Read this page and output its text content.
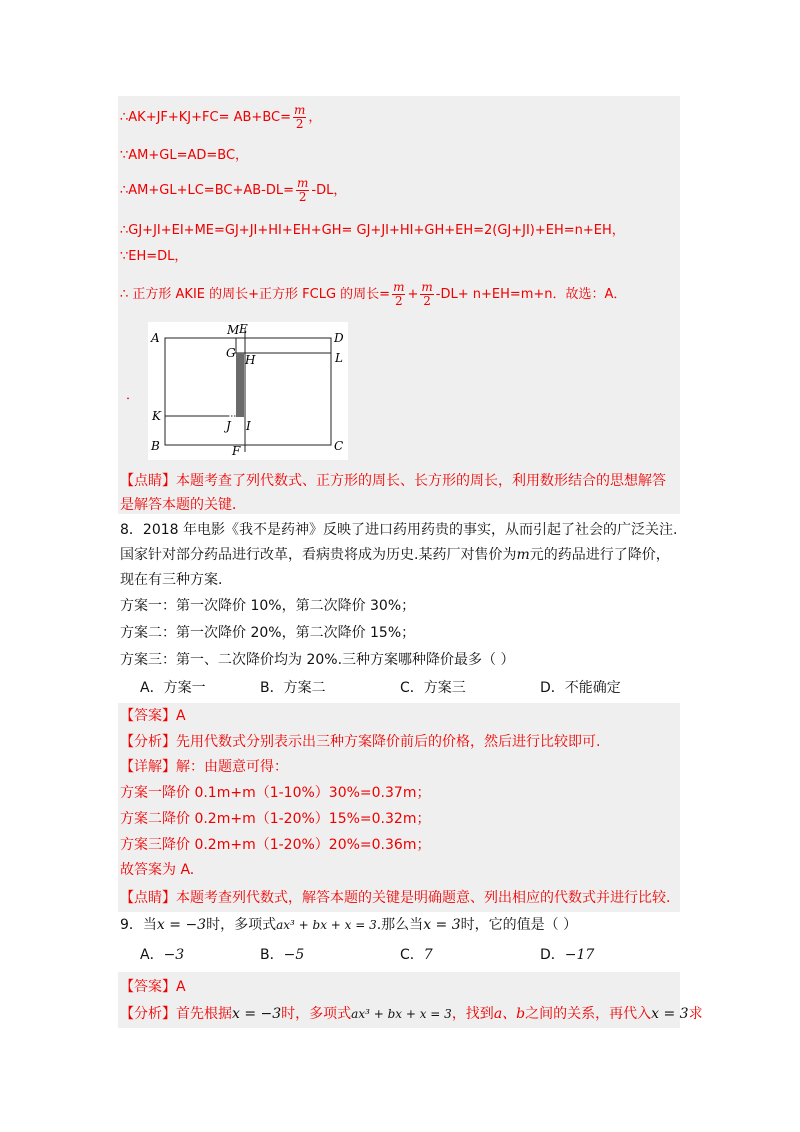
∴AK+JF+KJ+FC= $AB+BC= \frac{m}{2}$ ，
∵AM+GL=AD=BC，
∴AM+GL+LC=BC+AB-DL= $\frac{m}{2} -DL$，
∴GJ+JI+EI+ME=GJ+JI+HI+EH+GH= GJ+JI+HI+GH+EH=2(GJ+JI)+EH=n+EH，
∵EH=DL，
∴ 正方形 AKIE 的周长+正方形 FCLG 的周长= $\frac{m}{2} + \frac{m}{2} -DL+ n+EH=m+n$．故选：A．
A
M E
D
G H	L
K
J I
B	F	C
．
【点睛】本题考查了列代数式、正方形的周长、长方形的周长，利用数形结合的思想解答
是解答本题的关键．
8．2018 年电影《我不是药神》反映了进口药用药贵的事实，从而引起了社会的广泛关注.
国家针对部分药品进行改革，看病贵将成为历史.某药厂对售价为m元的药品进行了降价，
现在有三种方案.
方案一：第一次降价 10%，第二次降价 30%；
方案二：第一次降价 20%，第二次降价 15%；
方案三：第一、二次降价均为 20%.三种方案哪种降价最多（ ）
A．方案一	B．方案二	C．方案三	D．不能确定
【答案】A
【分析】先用代数式分别表示出三种方案降价前后的价格，然后进行比较即可.
【详解】解：由题意可得：
方案一降价 0.1m+m（1-10%）30%=0.37m；
方案二降价 0.2m+m（1-20%）15%=0.32m；
方案三降价 0.2m+m（1-20%）20%=0.36m；
故答案为 A.
【点睛】本题考查列代数式，解答本题的关键是明确题意、列出相应的代数式并进行比较.
9．当x = −3时，多项式ax³ + bx + x = 3.那么当x = 3时，它的值是（ ）
A．−3	B．−5	C．7	D．−17
【答案】A
【分析】首先根据x = −3时，多项式ax³ + bx + x = 3，找到a、b之间的关系，再代入x = 3求
